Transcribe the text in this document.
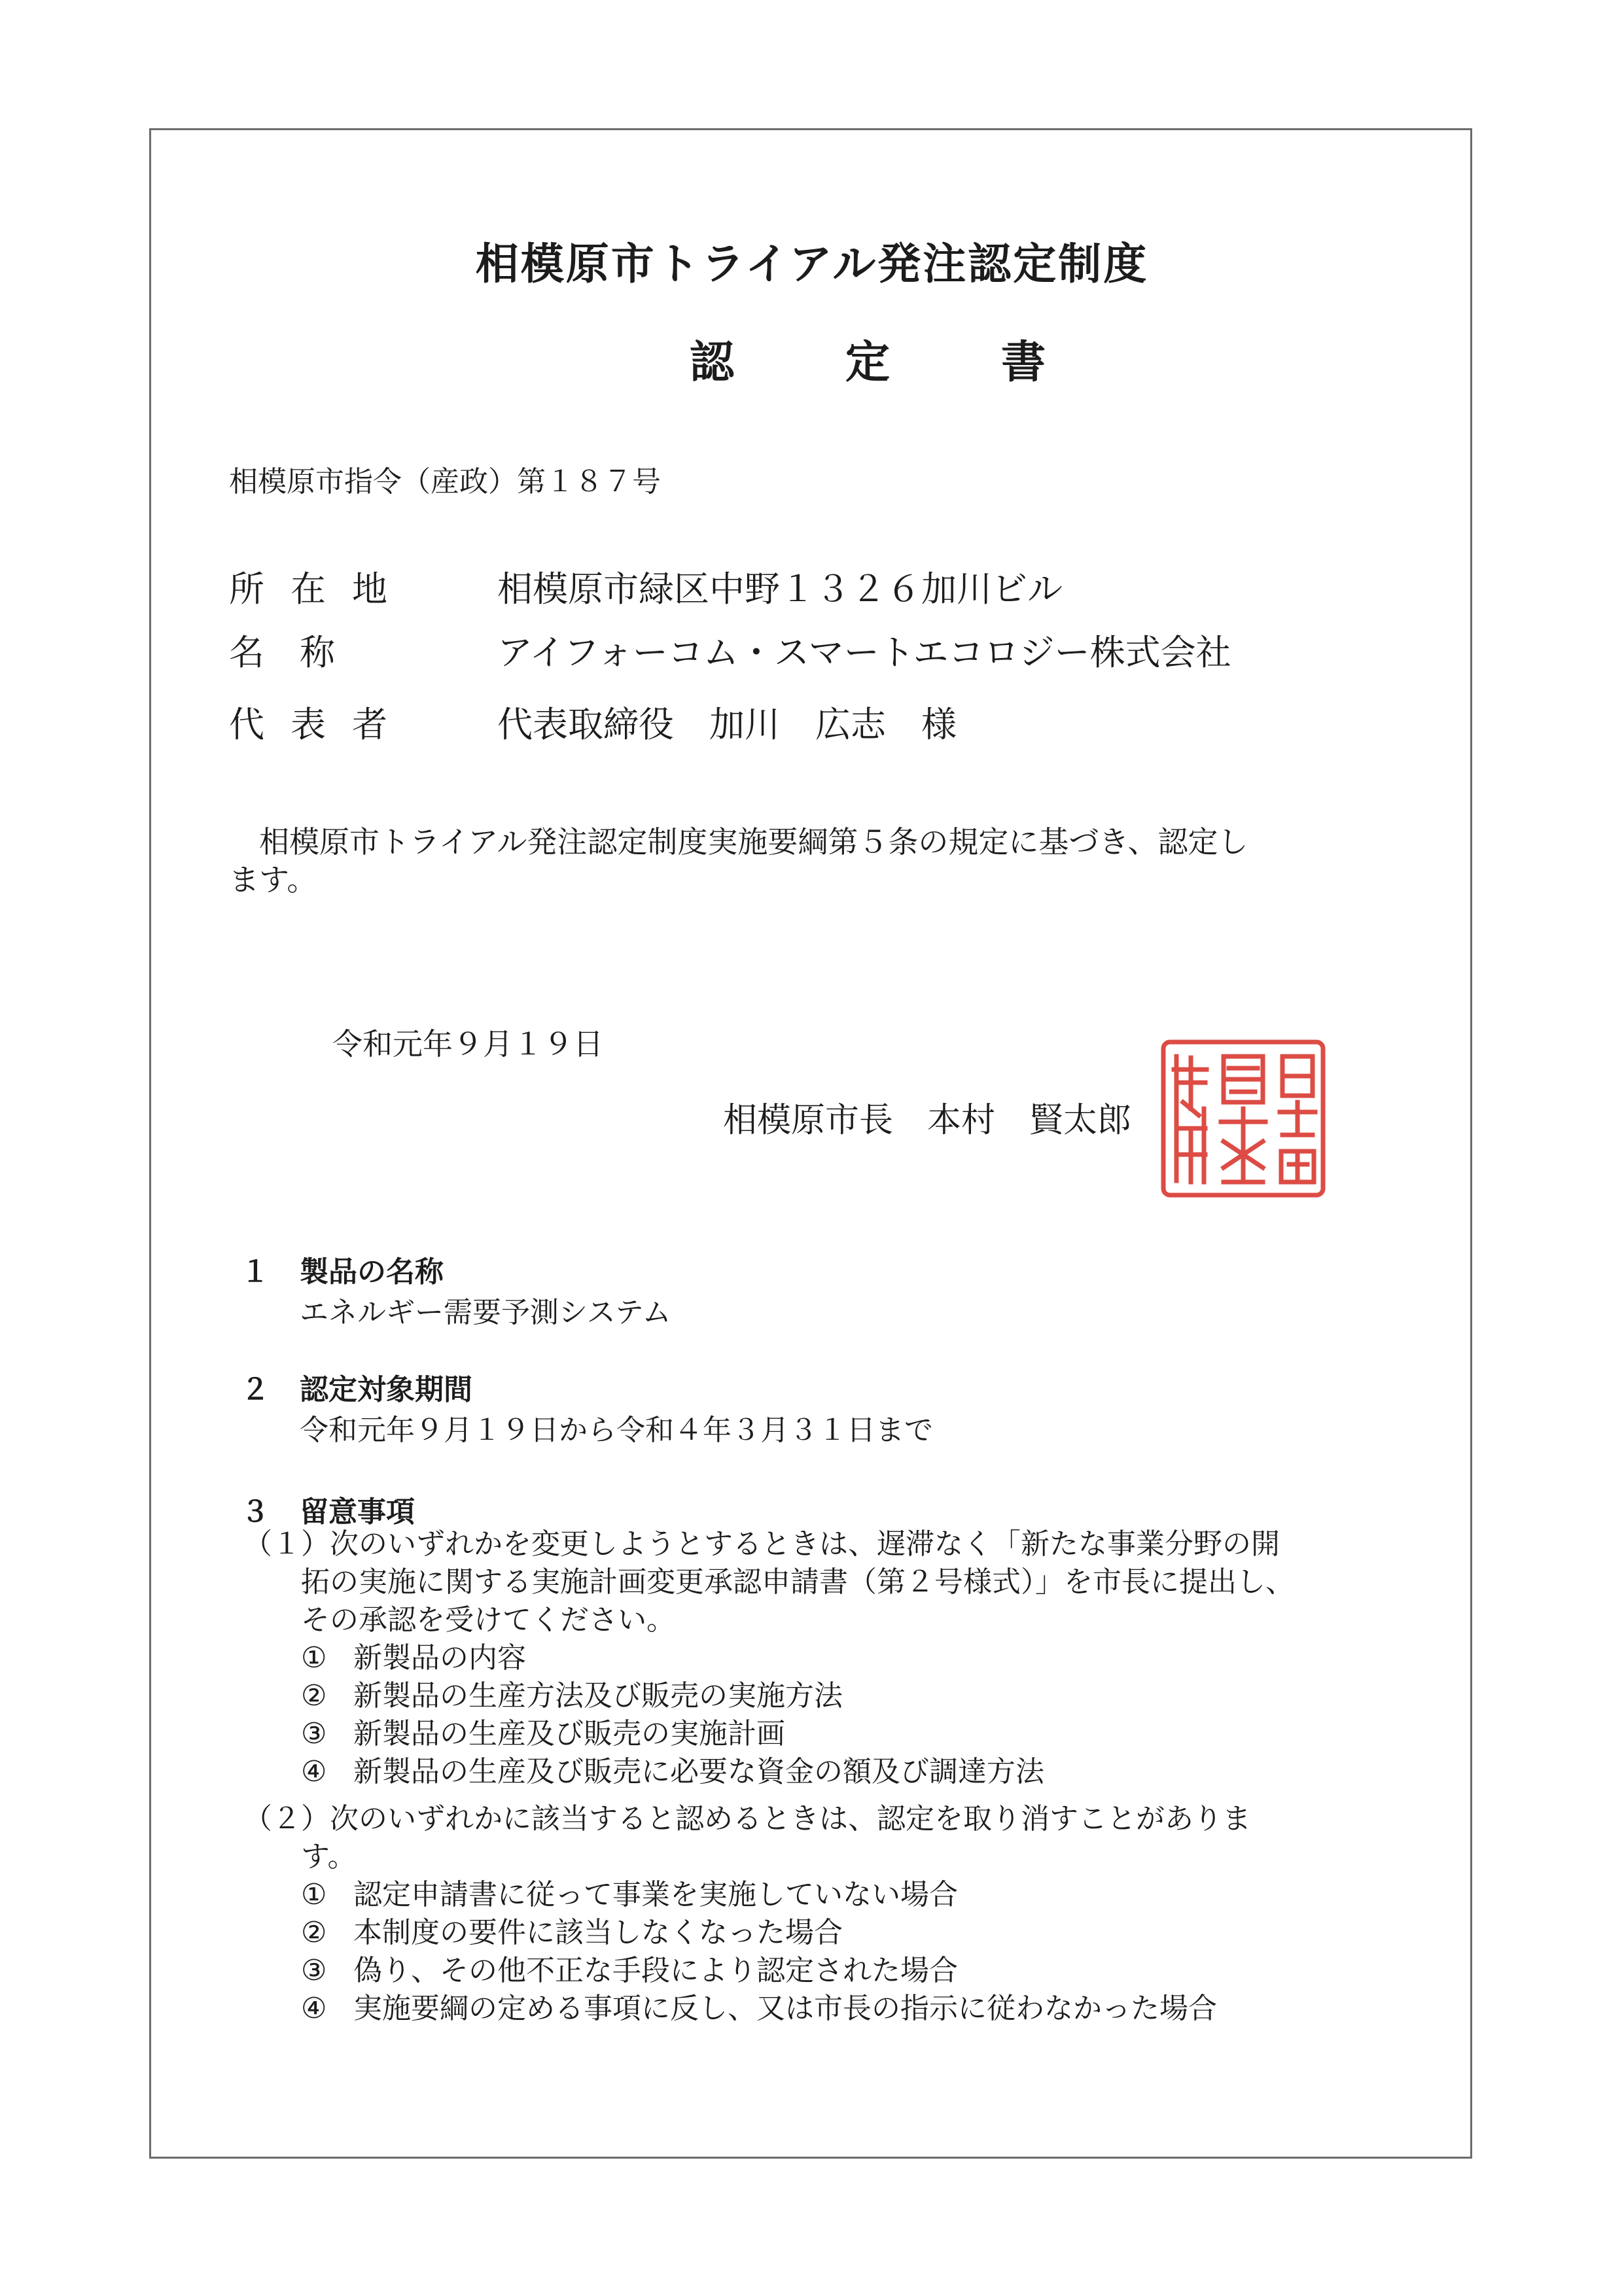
相模原市トライアル発注認定制度
認定書
相模原市指令（産政）第１８７号
所在地 相模原市緑区中野１３２６加川ビル
名　称	アイフォーコム・スマートエコロジー株式会社
代表者 代表取締役　加川　広志　様
　相模原市トライアル発注認定制度実施要綱第５条の規定に基づき、認定し
ます。
令和元年９月１９日
相模原市長　本村　賢太郎
１ 製品の名称
エネルギー需要予測システム
２ 認定対象期間
令和元年９月１９日から令和４年３月３１日まで
３ 留意事項
（１）次のいずれかを変更しようとするときは、遅滞なく「新たな事業分野の開
拓の実施に関する実施計画変更承認申請書（第２号様式）」を市長に提出し、
その承認を受けてください。
① 新製品の内容
② 新製品の生産方法及び販売の実施方法
③ 新製品の生産及び販売の実施計画
④ 新製品の生産及び販売に必要な資金の額及び調達方法
（２）次のいずれかに該当すると認めるときは、認定を取り消すことがありま
す。
① 認定申請書に従って事業を実施していない場合
② 本制度の要件に該当しなくなった場合
③ 偽り、その他不正な手段により認定された場合
④ 実施要綱の定める事項に反し、又は市長の指示に従わなかった場合
